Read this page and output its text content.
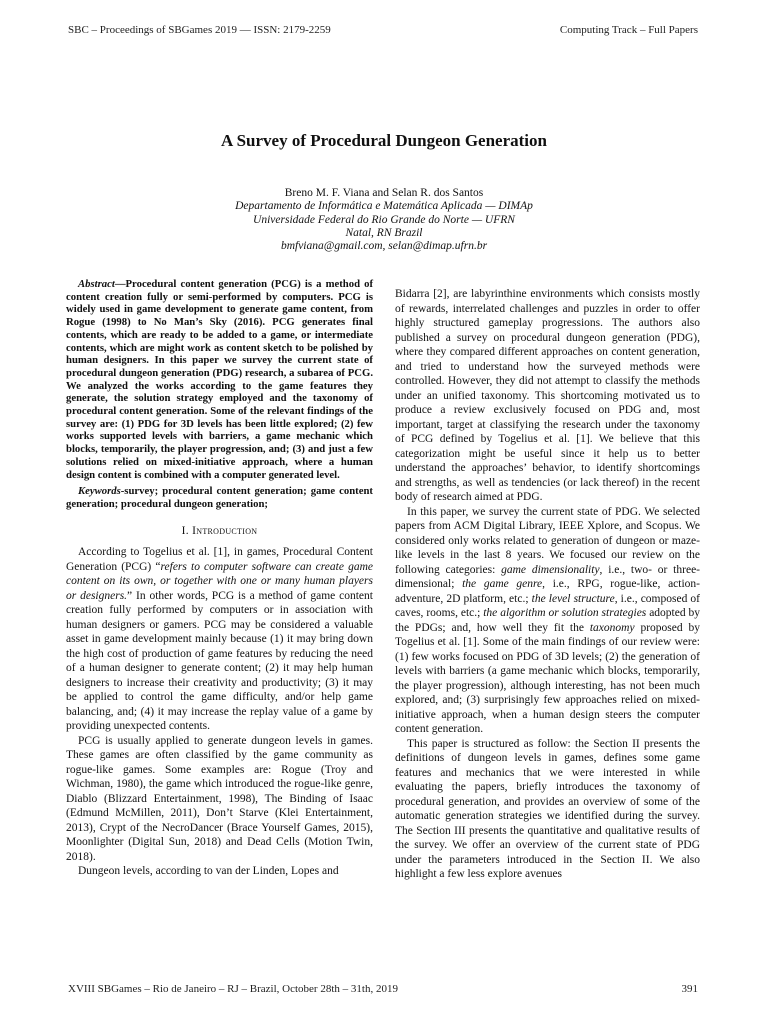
SBC – Proceedings of SBGames 2019 — ISSN: 2179-2259	Computing Track – Full Papers
A Survey of Procedural Dungeon Generation
Breno M. F. Viana and Selan R. dos Santos
Departamento de Informática e Matemática Aplicada — DIMAp
Universidade Federal do Rio Grande do Norte — UFRN
Natal, RN Brazil
bmfviana@gmail.com, selan@dimap.ufrn.br

Abstract—Procedural content generation (PCG) is a method of content creation fully or semi-performed by computers. PCG is widely used in game development to generate game content, from Rogue (1998) to No Man’s Sky (2016). PCG generates final contents, which are ready to be added to a game, or intermediate contents, which are might work as content sketch to be polished by human designers. In this paper we survey the current state of procedural dungeon generation (PDG) research, a subarea of PCG. We analyzed the works according to the game features they generate, the solution strategy employed and the taxonomy of procedural content generation. Some of the relevant findings of the survey are: (1) PDG for 3D levels has been little explored; (2) few works supported levels with barriers, a game mechanic which blocks, temporarily, the player progression, and; (3) and just a few solutions relied on mixed-initiative approach, where a human design content is combined with a computer generated level.

Keywords-survey; procedural content generation; game content generation; procedural dungeon generation;

I. Introduction

According to Togelius et al. [1], in games, Procedural Content Generation (PCG) “refers to computer software can create game content on its own, or together with one or many human players or designers.” In other words, PCG is a method of game content creation fully performed by computers or in association with human designers or gamers. PCG may be considered a valuable asset in game development mainly because (1) it may bring down the high cost of production of game features by reducing the need of a human designer to generate content; (2) it may help human designers to increase their creativity and productivity; (3) it may be applied to control the game difficulty, and/or help game balancing, and; (4) it may increase the replay value of a game by providing unexpected contents.

PCG is usually applied to generate dungeon levels in games. These games are often classified by the game community as rogue-like games. Some examples are: Rogue (Troy and Wichman, 1980), the game which introduced the rogue-like genre, Diablo (Blizzard Entertainment, 1998), The Binding of Isaac (Edmund McMillen, 2011), Don’t Starve (Klei Entertainment, 2013), Crypt of the NecroDancer (Brace Yourself Games, 2015), Moonlighter (Digital Sun, 2018) and Dead Cells (Motion Twin, 2018).

Dungeon levels, according to van der Linden, Lopes and

Bidarra [2], are labyrinthine environments which consists mostly of rewards, interrelated challenges and puzzles in order to offer highly structured gameplay progressions. The authors also published a survey on procedural dungeon generation (PDG), where they compared different approaches on content generation, and tried to understand how the surveyed methods were controlled. However, they did not attempt to classify the methods under an unified taxonomy. This shortcoming motivated us to produce a review exclusively focused on PDG and, most important, target at classifying the research under the taxonomy of PCG defined by Togelius et al. [1]. We believe that this categorization might be useful since it help us to better understand the approaches’ behavior, to identify shortcomings and strengths, as well as tendencies (or lack thereof) in the recent body of research aimed at PDG.

In this paper, we survey the current state of PDG. We selected papers from ACM Digital Library, IEEE Xplore, and Scopus. We considered only works related to generation of dungeon or maze-like levels in the last 8 years. We focused our review on the following categories: game dimensionality, i.e., two- or three-dimensional; the game genre, i.e., RPG, rogue-like, action-adventure, 2D platform, etc.; the level structure, i.e., composed of caves, rooms, etc.; the algorithm or solution strategies adopted by the PDGs; and, how well they fit the taxonomy proposed by Togelius et al. [1]. Some of the main findings of our review were: (1) few works focused on PDG of 3D levels; (2) the generation of levels with barriers (a game mechanic which blocks, temporarily, the player progression), although interesting, has not been much explored, and; (3) surprisingly few approaches relied on mixed-initiative approach, when a human design steers the computer content generation.

This paper is structured as follow: the Section II presents the definitions of dungeon levels in games, defines some game features and mechanics that we were interested in while evaluating the papers, briefly introduces the taxonomy of procedural generation, and provides an overview of some of the automatic generation strategies we identified during the survey. The Section III presents the quantitative and qualitative results of the survey. We offer an overview of the current state of PDG under the parameters introduced in the Section II. We also highlight a few less explore avenues

XVIII SBGames – Rio de Janeiro – RJ – Brazil, October 28th – 31th, 2019	391
